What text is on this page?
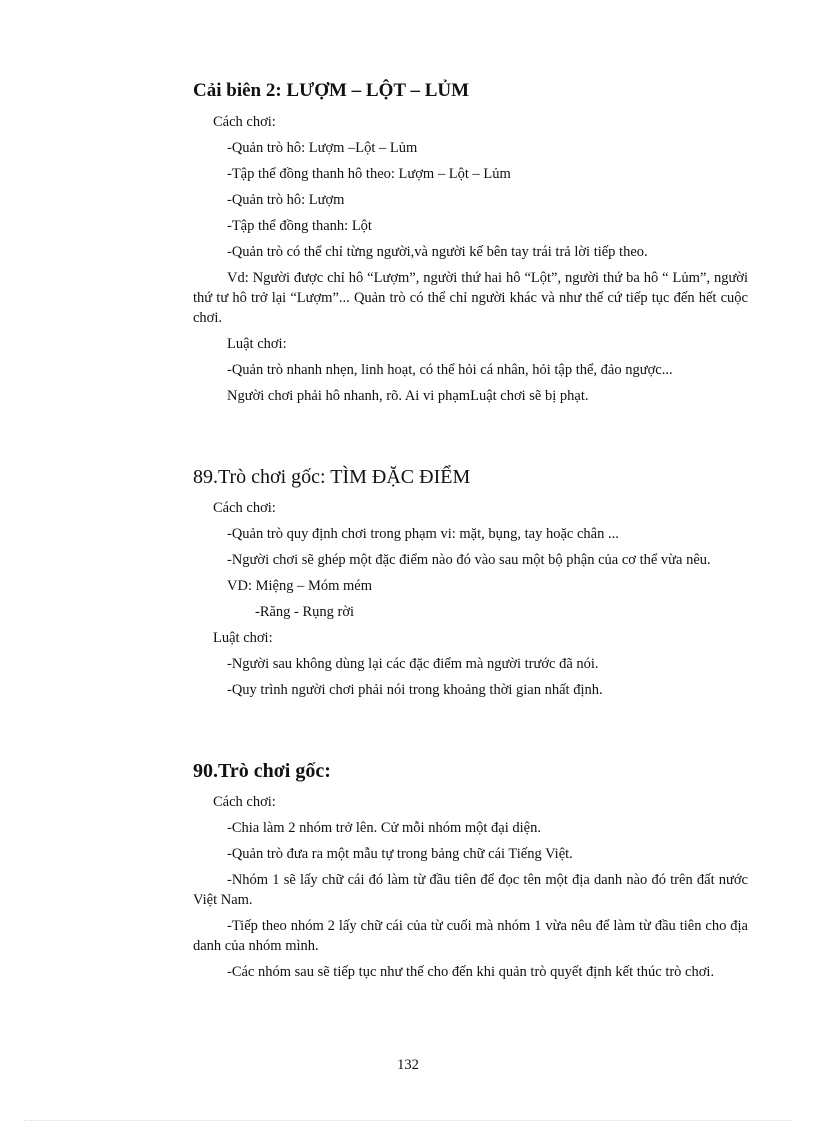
Cải biên 2: LƯỢM – LỘT – LỦM

Cách chơi:

-Quản trò hô: Lượm –Lột – Lủm

-Tập thể đồng thanh hô theo: Lượm – Lột – Lủm

-Quản trò hô: Lượm

-Tập thể đồng thanh: Lột

-Quản trò có thể chỉ từng người,và người kế bên tay trái trả lời tiếp theo.

Vd: Người được chỉ hô “Lượm”, người thứ hai hô “Lột”, người thứ ba hô “ Lủm”, người thứ tư hô trở lại “Lượm”... Quản trò có thể chỉ người khác và như thế cứ tiếp tục đến hết cuộc chơi.

Luật chơi:

-Quản trò nhanh nhẹn, linh hoạt, có thể hỏi cá nhân, hỏi tập thể, đảo ngược...

Người chơi phải hô nhanh, rõ. Ai vi phạmLuật chơi sẽ bị phạt.

89.Trò chơi gốc: TÌM ĐẶC ĐIỂM

Cách chơi:

-Quản trò quy định chơi trong phạm vi: mặt, bụng, tay hoặc chân ...

-Người chơi sẽ ghép một đặc điểm nào đó vào sau một bộ phận của cơ thể vừa nêu.

VD: Miệng – Móm mém

-Răng - Rụng rời

Luật chơi:

-Người sau không dùng lại các đặc điểm mà người trước đã nói.

-Quy trình người chơi phải nói trong khoảng thời gian nhất định.

90.Trò chơi gốc:

Cách chơi:

-Chia làm 2 nhóm trở lên. Cử mỗi nhóm một đại diện.

-Quản trò đưa ra một mẫu tự trong bảng chữ cái Tiếng Việt.

-Nhóm 1 sẽ lấy chữ cái đó làm từ đầu tiên để đọc tên một địa danh nào đó trên đất nước Việt Nam.

-Tiếp theo nhóm 2 lấy chữ cái của từ cuối mà nhóm 1 vừa nêu để làm từ đầu tiên cho địa danh của nhóm mình.

-Các nhóm sau sẽ tiếp tục như thế cho đến khi quản trò quyết định kết thúc trò chơi.

132
